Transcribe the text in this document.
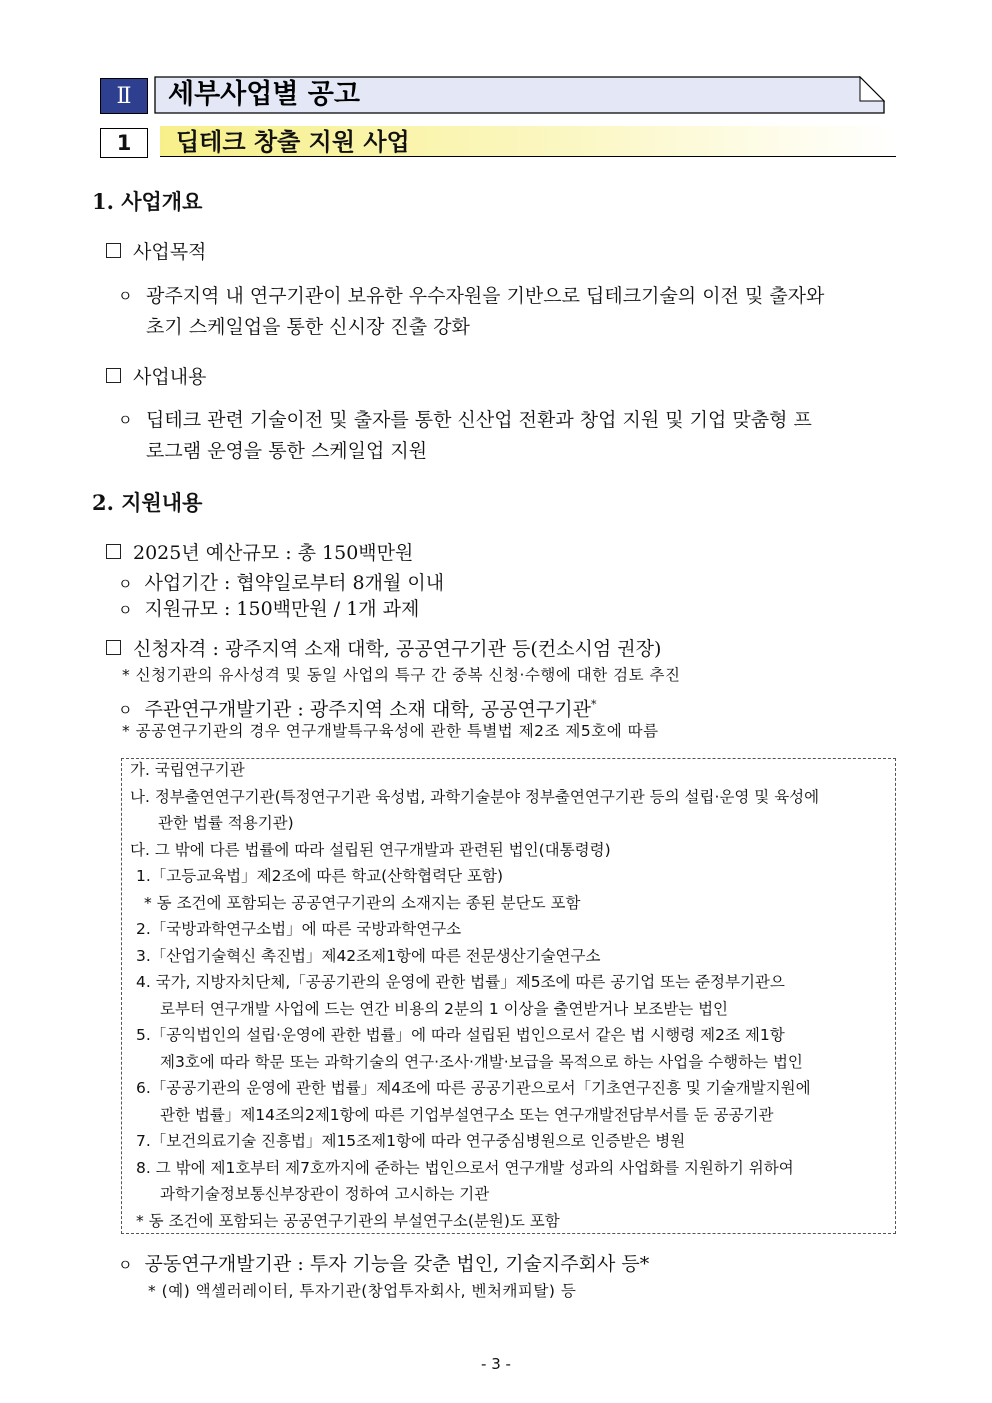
Ⅱ	세부사업별 공고
1	딥테크 창출 지원 사업
1. 사업개요
사업목적
ㅇ 광주지역 내 연구기관이 보유한 우수자원을 기반으로 딥테크기술의 이전 및 출자와
초기 스케일업을 통한 신시장 진출 강화
사업내용
ㅇ 딥테크 관련 기술이전 및 출자를 통한 신산업 전환과 창업 지원 및 기업 맞춤형 프
로그램 운영을 통한 스케일업 지원
2. 지원내용
2025년 예산규모 : 총 150백만원
ㅇ 사업기간 : 협약일로부터 8개월 이내
ㅇ 지원규모 : 150백만원 / 1개 과제
신청자격 : 광주지역 소재 대학, 공공연구기관 등(컨소시엄 권장)
* 신청기관의 유사성격 및 동일 사업의 특구 간 중복 신청·수행에 대한 검토 추진
ㅇ 주관연구개발기관 : 광주지역 소재 대학, 공공연구기관*
* 공공연구기관의 경우 연구개발특구육성에 관한 특별법 제2조 제5호에 따름
가. 국립연구기관
나. 정부출연연구기관(특정연구기관 육성법, 과학기술분야 정부출연연구기관 등의 설립·운영 및 육성에
관한 법률 적용기관)
다. 그 밖에 다른 법률에 따라 설립된 연구개발과 관련된 법인(대통령령)
1.「고등교육법」제2조에 따른 학교(산학협력단 포함)
* 동 조건에 포함되는 공공연구기관의 소재지는 종된 분단도 포함
2.「국방과학연구소법」에 따른 국방과학연구소
3.「산업기술혁신 촉진법」제42조제1항에 따른 전문생산기술연구소
4. 국가, 지방자치단체,「공공기관의 운영에 관한 법률」제5조에 따른 공기업 또는 준정부기관으
로부터 연구개발 사업에 드는 연간 비용의 2분의 1 이상을 출연받거나 보조받는 법인
5.「공익법인의 설립·운영에 관한 법률」에 따라 설립된 법인으로서 같은 법 시행령 제2조 제1항
제3호에 따라 학문 또는 과학기술의 연구·조사·개발·보급을 목적으로 하는 사업을 수행하는 법인
6.「공공기관의 운영에 관한 법률」제4조에 따른 공공기관으로서「기초연구진흥 및 기술개발지원에
관한 법률」제14조의2제1항에 따른 기업부설연구소 또는 연구개발전담부서를 둔 공공기관
7.「보건의료기술 진흥법」제15조제1항에 따라 연구중심병원으로 인증받은 병원
8. 그 밖에 제1호부터 제7호까지에 준하는 법인으로서 연구개발 성과의 사업화를 지원하기 위하여
과학기술정보통신부장관이 정하여 고시하는 기관
* 동 조건에 포함되는 공공연구기관의 부설연구소(분원)도 포함
ㅇ 공동연구개발기관 : 투자 기능을 갖춘 법인, 기술지주회사 등*
* (예) 액셀러레이터, 투자기관(창업투자회사, 벤처캐피탈) 등
- 3 -
